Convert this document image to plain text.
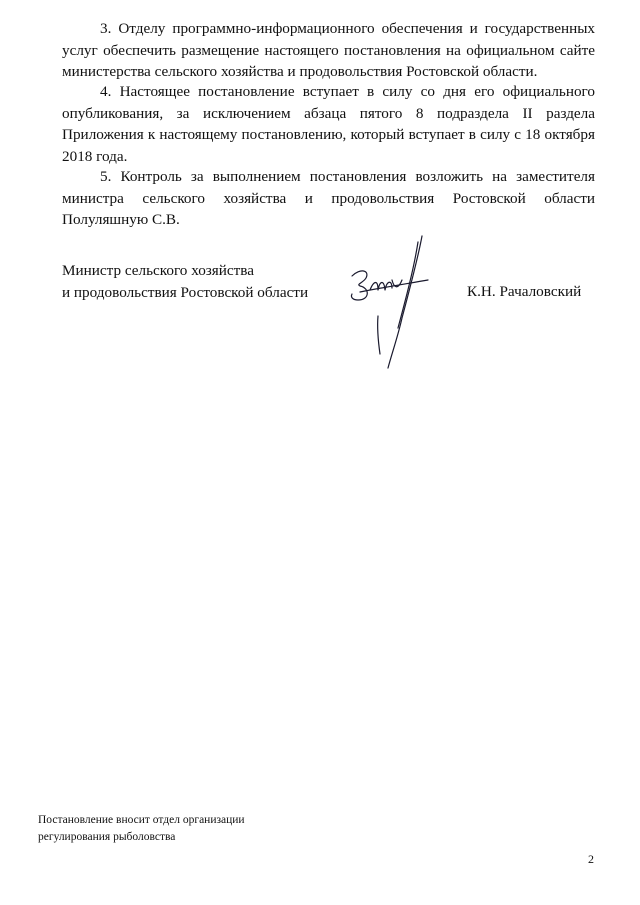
3. Отделу программно-информационного обеспечения и государственных услуг обеспечить размещение настоящего постановления на официальном сайте министерства сельского хозяйства и продовольствия Ростовской области.

4. Настоящее постановление вступает в силу со дня его официального опубликования, за исключением абзаца пятого 8 подраздела II раздела Приложения к настоящему постановлению, который вступает в силу с 18 октября 2018 года.

5. Контроль за выполнением постановления возложить на заместителя министра сельского хозяйства и продовольствия Ростовской области Полуляшную С.В.

Министр сельского хозяйства
и продовольствия Ростовской области	К.Н. Рачаловский
Постановление вносит отдел организации
регулирования рыболовства
2
